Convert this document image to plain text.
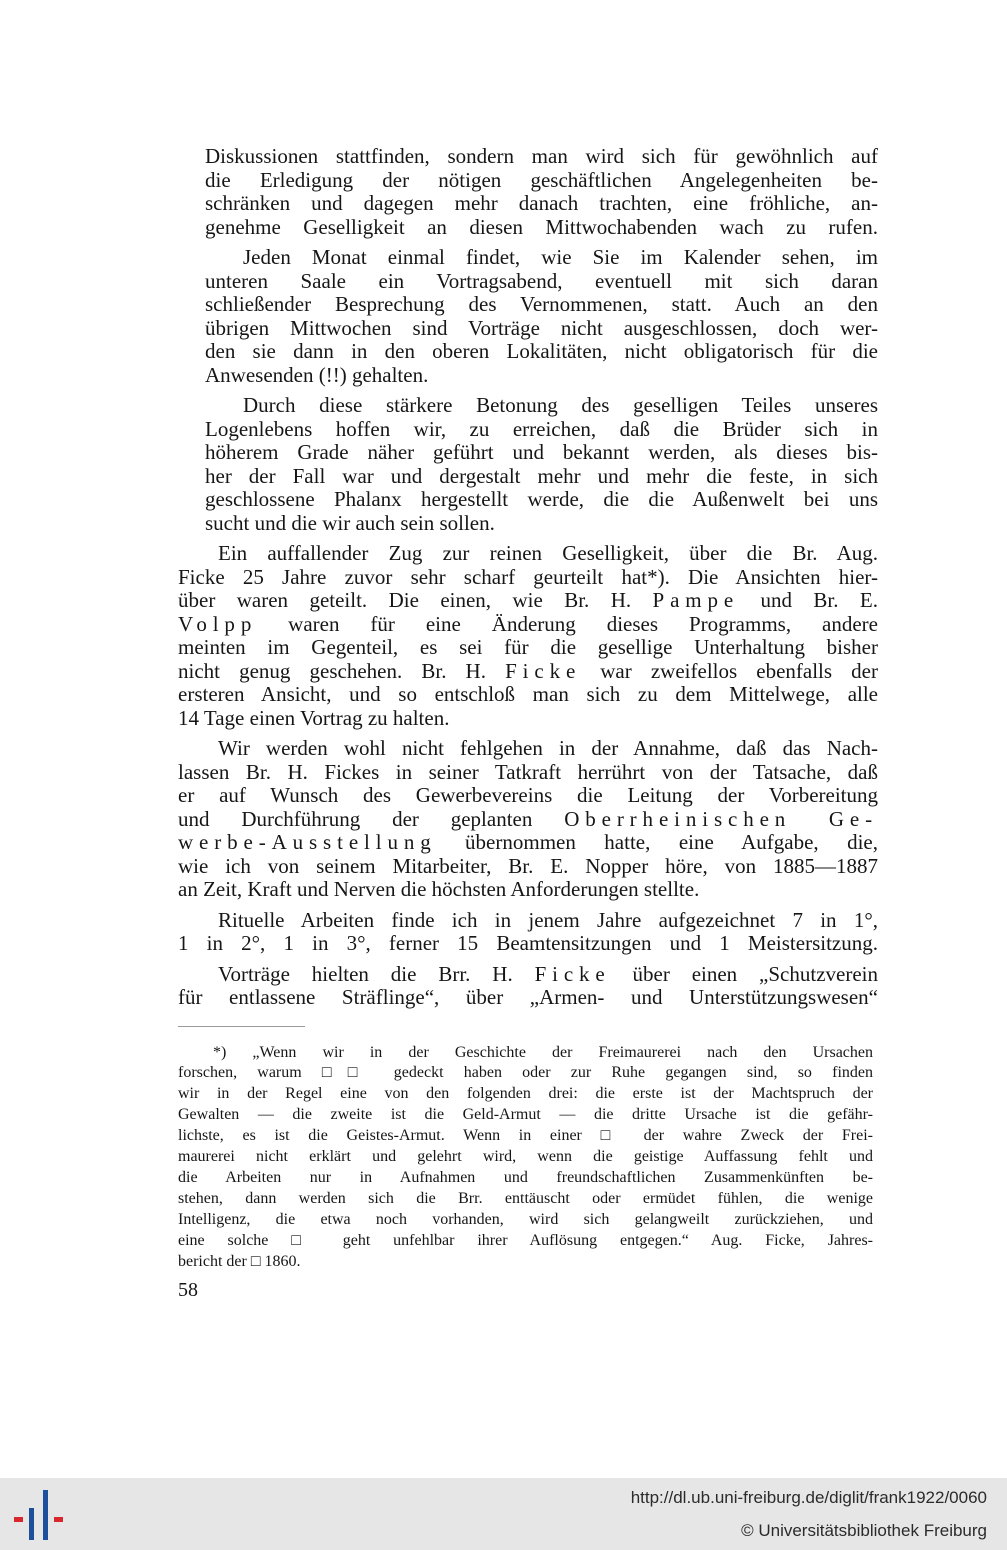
Diskussionen stattfinden, sondern man wird sich für gewöhnlich auf
die Erledigung der nötigen geschäftlichen Angelegenheiten be-
schränken und dagegen mehr danach trachten, eine fröhliche, an-
genehme Geselligkeit an diesen Mittwochabenden wach zu rufen.
Jeden Monat einmal findet, wie Sie im Kalender sehen, im
unteren Saale ein Vortragsabend, eventuell mit sich daran
schließender Besprechung des Vernommenen, statt. Auch an den
übrigen Mittwochen sind Vorträge nicht ausgeschlossen, doch wer-
den sie dann in den oberen Lokalitäten, nicht obligatorisch für die
Anwesenden (!!) gehalten.
Durch diese stärkere Betonung des geselligen Teiles unseres
Logenlebens hoffen wir, zu erreichen, daß die Brüder sich in
höherem Grade näher geführt und bekannt werden, als dieses bis-
her der Fall war und dergestalt mehr und mehr die feste, in sich
geschlossene Phalanx hergestellt werde, die die Außenwelt bei uns
sucht und die wir auch sein sollen.
Ein auffallender Zug zur reinen Geselligkeit, über die Br. Aug.
Ficke 25 Jahre zuvor sehr scharf geurteilt hat*). Die Ansichten hier-
über waren geteilt. Die einen, wie Br. H. Pampe und Br. E.
Volpp waren für eine Änderung dieses Programms, andere
meinten im Gegenteil, es sei für die gesellige Unterhaltung bisher
nicht genug geschehen. Br. H. Ficke war zweifellos ebenfalls der
ersteren Ansicht, und so entschloß man sich zu dem Mittelwege, alle
14 Tage einen Vortrag zu halten.
Wir werden wohl nicht fehlgehen in der Annahme, daß das Nach-
lassen Br. H. Fickes in seiner Tatkraft herrührt von der Tatsache, daß
er auf Wunsch des Gewerbevereins die Leitung der Vorbereitung
und Durchführung der geplanten Oberrheinischen Ge-
werbe-Ausstellung übernommen hatte, eine Aufgabe, die,
wie ich von seinem Mitarbeiter, Br. E. Nopper höre, von 1885—1887
an Zeit, Kraft und Nerven die höchsten Anforderungen stellte.
Rituelle Arbeiten finde ich in jenem Jahre aufgezeichnet 7 in 1°,
1 in 2°, 1 in 3°, ferner 15 Beamtensitzungen und 1 Meistersitzung.
Vorträge hielten die Brr. H. Ficke über einen „Schutzverein
für entlassene Sträflinge“, über „Armen- und Unterstützungswesen“
*) „Wenn wir in der Geschichte der Freimaurerei nach den Ursachen
forschen, warum □□ gedeckt haben oder zur Ruhe gegangen sind, so finden
wir in der Regel eine von den folgenden drei: die erste ist der Machtspruch der
Gewalten — die zweite ist die Geld-Armut — die dritte Ursache ist die gefähr-
lichste, es ist die Geistes-Armut. Wenn in einer □ der wahre Zweck der Frei-
maurerei nicht erklärt und gelehrt wird, wenn die geistige Auffassung fehlt und
die Arbeiten nur in Aufnahmen und freundschaftlichen Zusammenkünften be-
stehen, dann werden sich die Brr. enttäuscht oder ermüdet fühlen, die wenige
Intelligenz, die etwa noch vorhanden, wird sich gelangweilt zurückziehen, und
eine solche □ geht unfehlbar ihrer Auflösung entgegen.“ Aug. Ficke, Jahres-
bericht der □ 1860.
58
http://dl.ub.uni-freiburg.de/diglit/frank1922/0060
© Universitätsbibliothek Freiburg
